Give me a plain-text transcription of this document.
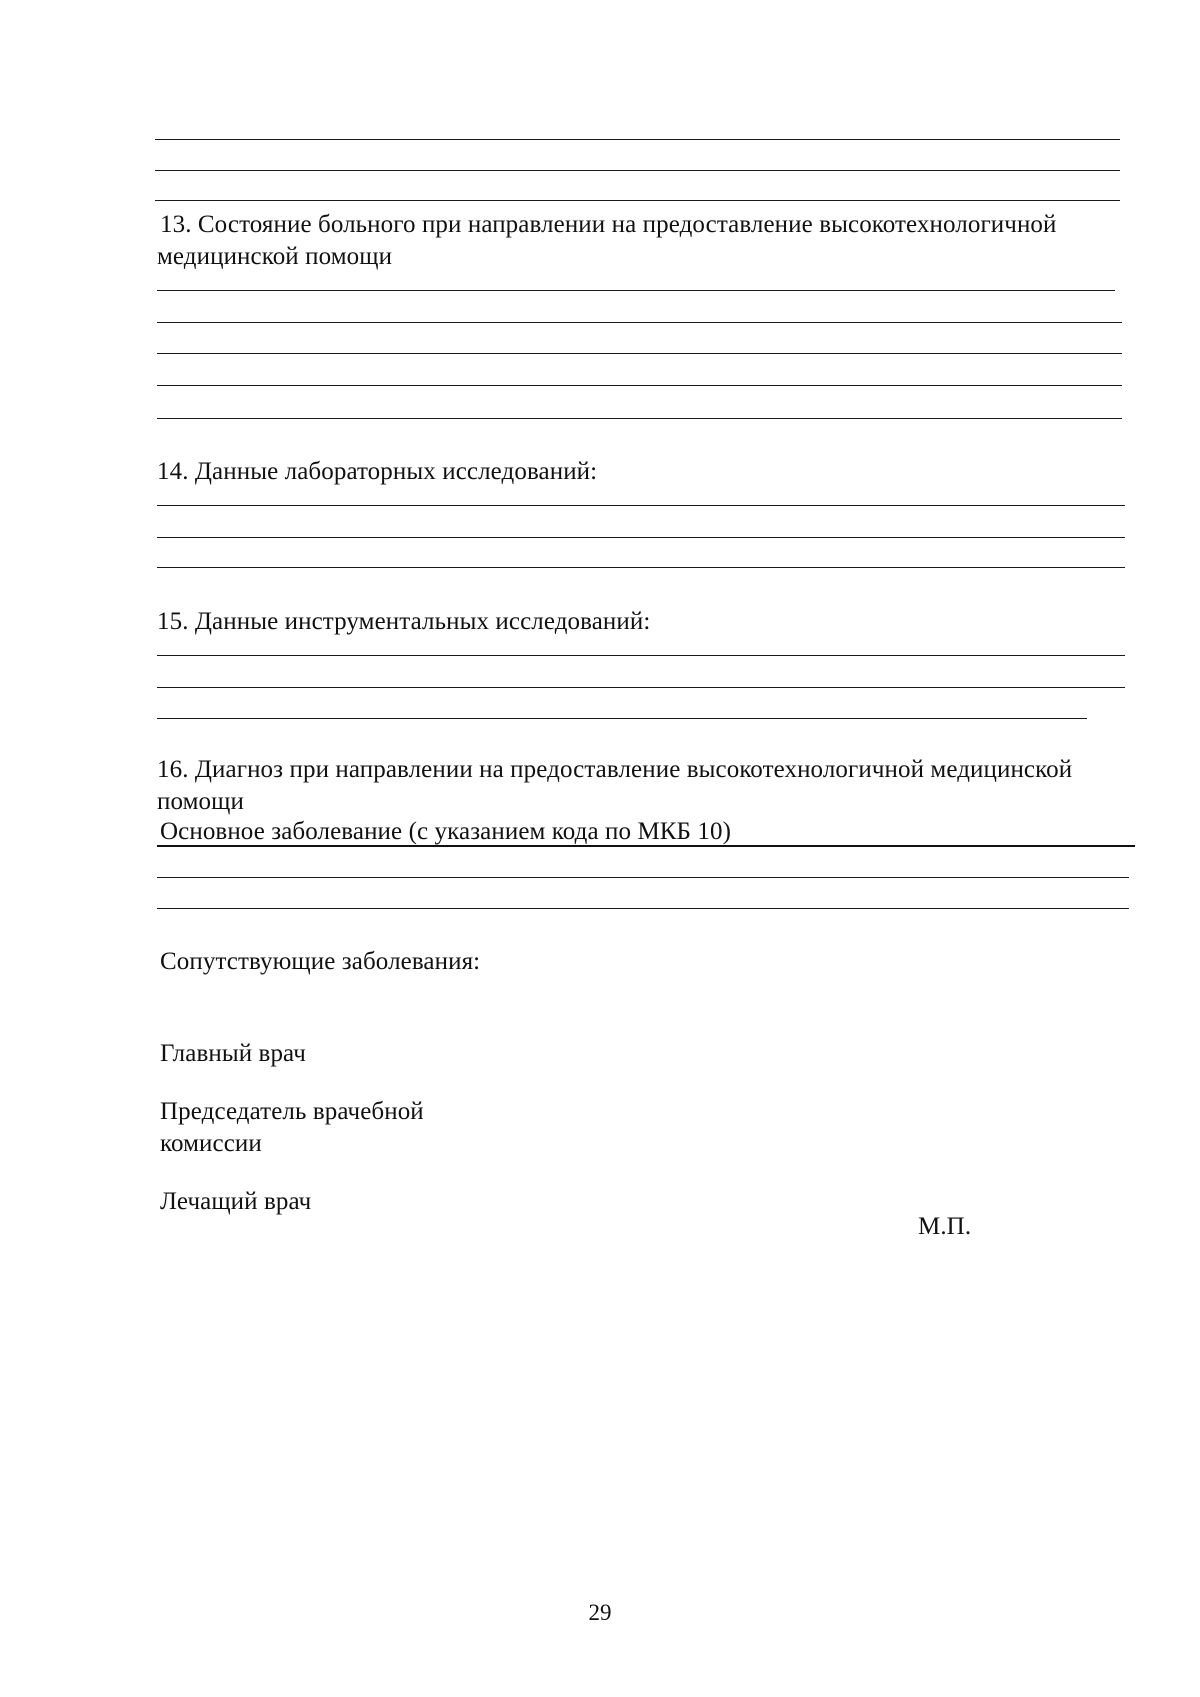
13. Состояние больного при направлении на предоставление высокотехнологичной
медицинской помощи
14. Данные лабораторных исследований:
15. Данные инструментальных исследований:
16. Диагноз при направлении на предоставление высокотехнологичной медицинской
помощи
Основное заболевание (с указанием кода по МКБ 10)
Сопутствующие заболевания:
Главный врач
Председатель врачебной
комиссии
Лечащий врач
М.П.
29
